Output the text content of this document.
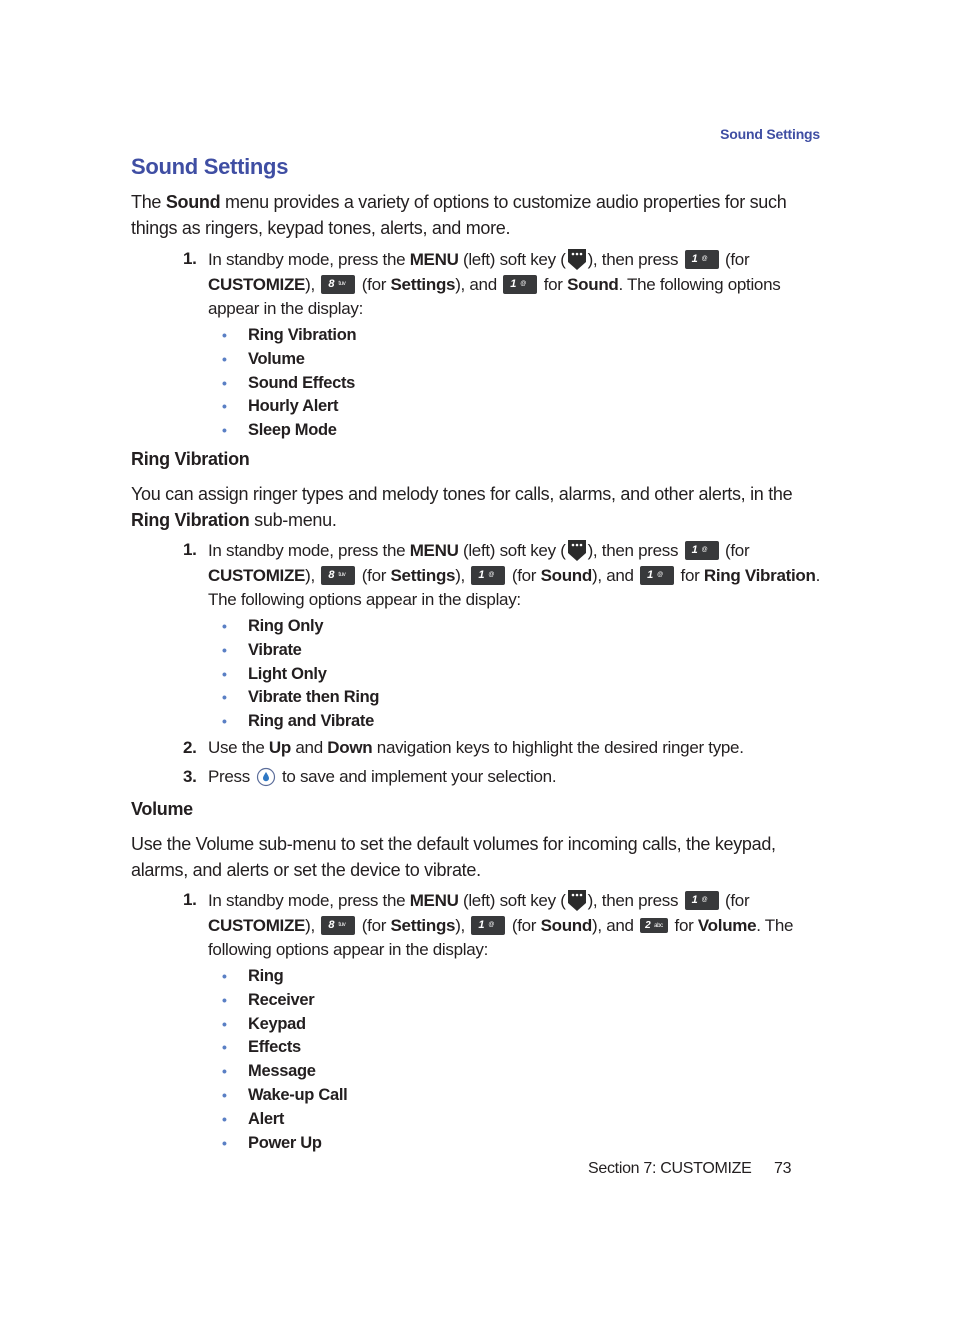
Sound Settings
Sound Settings

The Sound menu provides a variety of options to customize audio properties for such things as ringers, keypad tones, alerts, and more.

1. In standby mode, press the MENU (left) soft key ( ), then press 1 @ (for CUSTOMIZE), 8 tuv (for Settings), and 1 @ for Sound. The following options appear in the display:
• Ring Vibration
• Volume
• Sound Effects
• Hourly Alert
• Sleep Mode
Ring Vibration

You can assign ringer types and melody tones for calls, alarms, and other alerts, in the Ring Vibration sub-menu.

1. In standby mode, press the MENU (left) soft key ( ), then press 1 @ (for CUSTOMIZE), 8 tuv (for Settings), 1 @ (for Sound), and 1 @ for Ring Vibration.
The following options appear in the display:
• Ring Only
• Vibrate
• Light Only
• Vibrate then Ring
• Ring and Vibrate
2. Use the Up and Down navigation keys to highlight the desired ringer type.
3. Press to save and implement your selection.
Volume

Use the Volume sub-menu to set the default volumes for incoming calls, the keypad, alarms, and alerts or set the device to vibrate.

1. In standby mode, press the MENU (left) soft key ( ), then press 1 @ (for CUSTOMIZE), 8 tuv (for Settings), 1 @ (for Sound), and 2 abc for Volume. The
following options appear in the display:
• Ring
• Receiver
• Keypad
• Effects
• Message
• Wake-up Call
• Alert
• Power Up
Section 7: CUSTOMIZE 73
